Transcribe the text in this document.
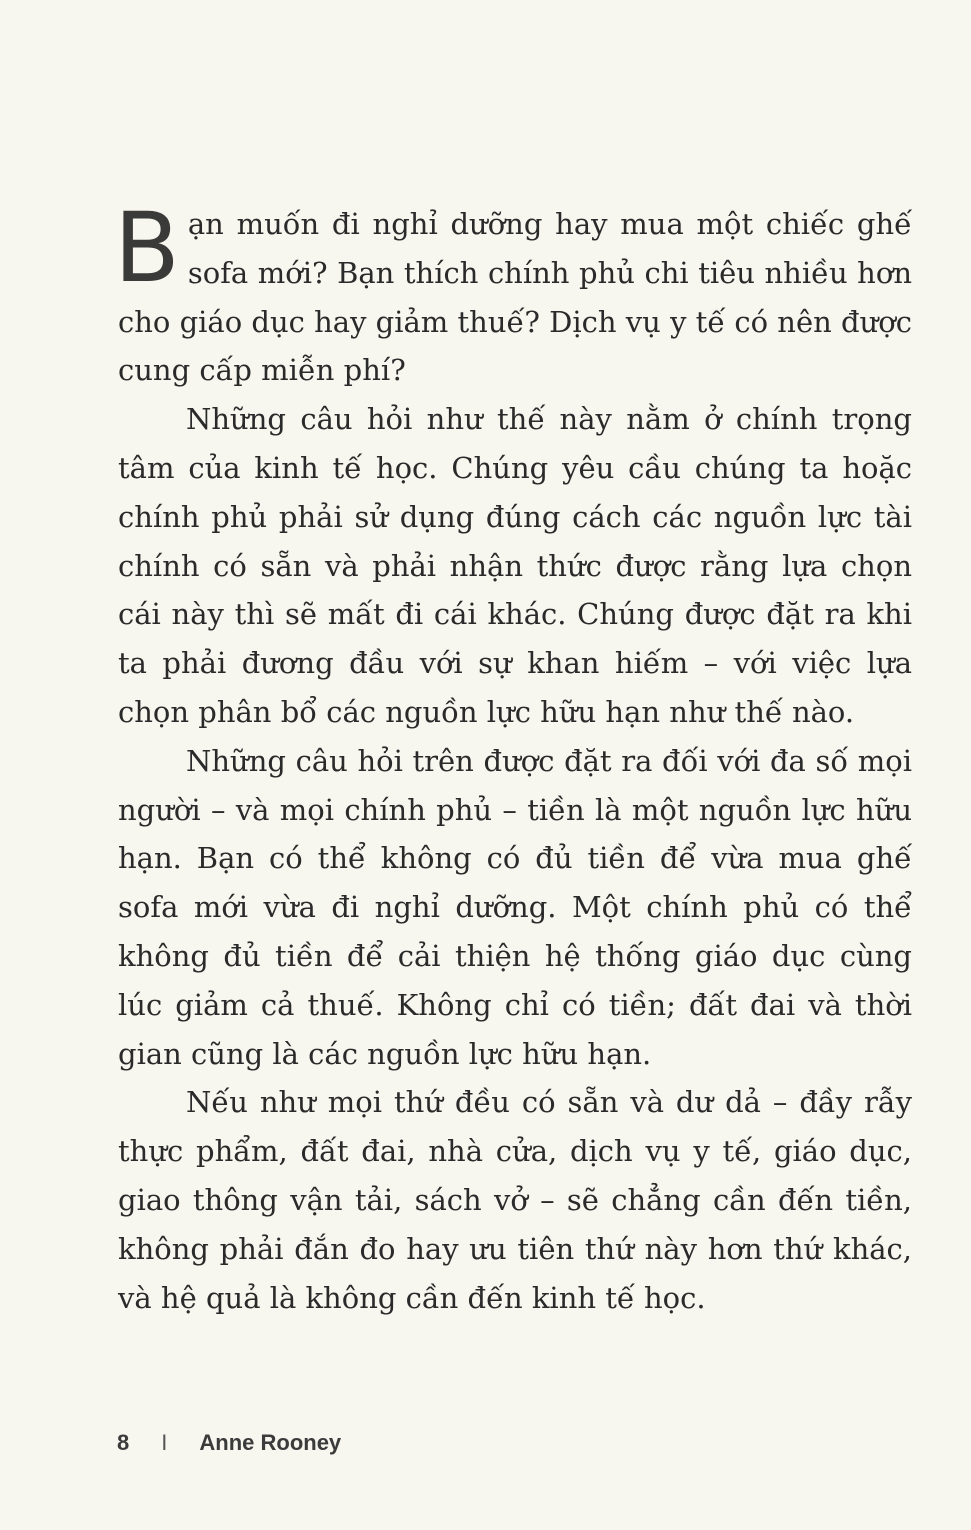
Bạn muốn đi nghỉ dưỡng hay mua một chiếc ghế sofa mới? Bạn thích chính phủ chi tiêu nhiều hơn cho giáo dục hay giảm thuế? Dịch vụ y tế có nên được cung cấp miễn phí?

Những câu hỏi như thế này nằm ở chính trọng tâm của kinh tế học. Chúng yêu cầu chúng ta hoặc chính phủ phải sử dụng đúng cách các nguồn lực tài chính có sẵn và phải nhận thức được rằng lựa chọn cái này thì sẽ mất đi cái khác. Chúng được đặt ra khi ta phải đương đầu với sự khan hiếm – với việc lựa chọn phân bổ các nguồn lực hữu hạn như thế nào.

Những câu hỏi trên được đặt ra đối với đa số mọi người – và mọi chính phủ – tiền là một nguồn lực hữu hạn. Bạn có thể không có đủ tiền để vừa mua ghế sofa mới vừa đi nghỉ dưỡng. Một chính phủ có thể không đủ tiền để cải thiện hệ thống giáo dục cùng lúc giảm cả thuế. Không chỉ có tiền; đất đai và thời gian cũng là các nguồn lực hữu hạn.

Nếu như mọi thứ đều có sẵn và dư dả – đầy rẫy thực phẩm, đất đai, nhà cửa, dịch vụ y tế, giáo dục, giao thông vận tải, sách vở – sẽ chẳng cần đến tiền, không phải đắn đo hay ưu tiên thứ này hơn thứ khác, và hệ quả là không cần đến kinh tế học.

8 I Anne Rooney
